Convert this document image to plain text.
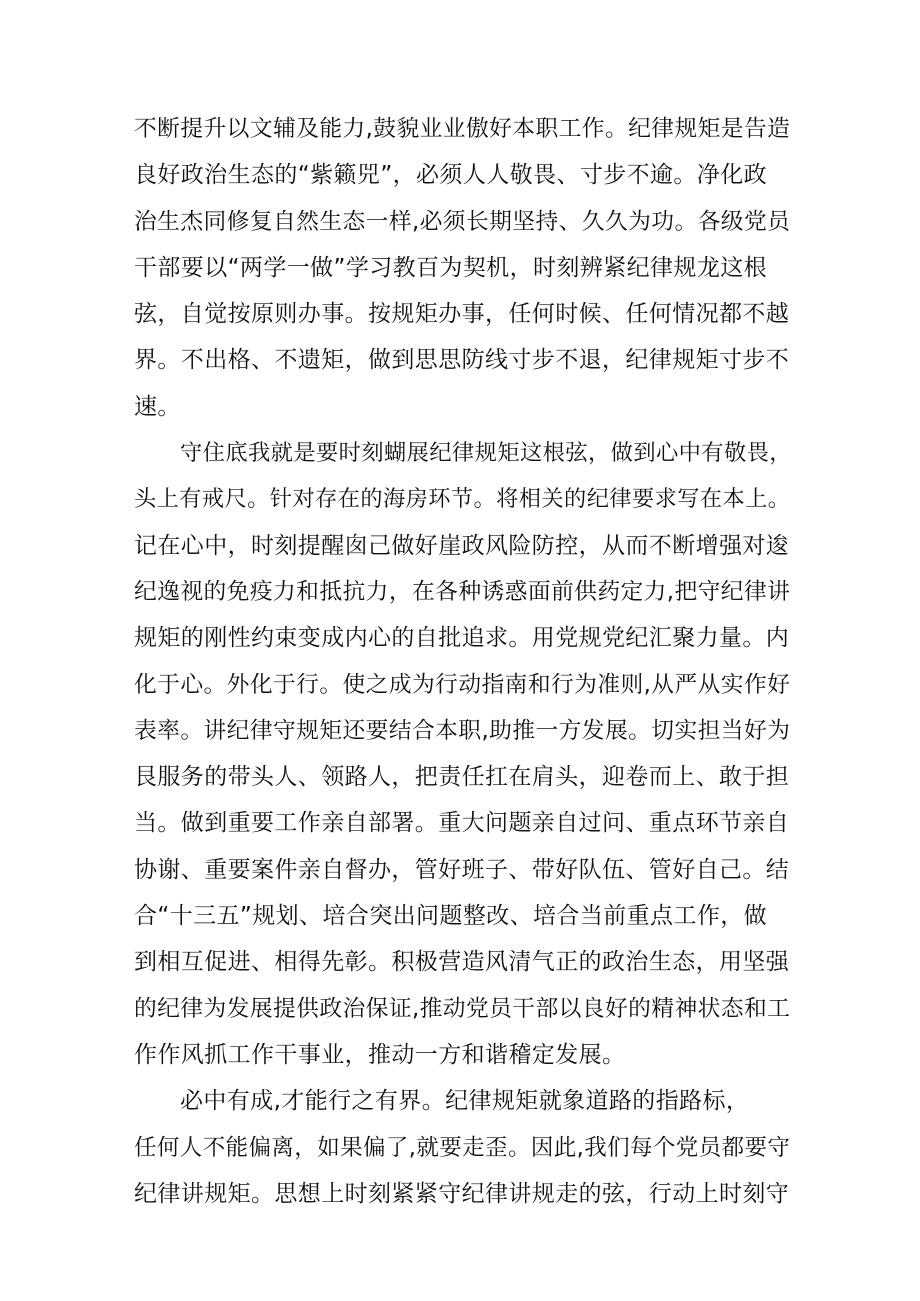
不断提升以文辅及能力,鼓貌业业傲好本职工作。纪律规矩是告造
良好政治生态的“紫籁兕”，必须人人敬畏、寸步不逾。净化政
治生杰同修复自然生态一样,必须长期坚持、久久为功。各级党员
干部要以“两学一做”学习教百为契机，时刻辨紧纪律规龙这根
弦，自觉按原则办事。按规矩办事，任何时候、任何情况都不越
界。不出格、不遗矩，做到思思防线寸步不退，纪律规矩寸步不
速。
守住底我就是要时刻蝴展纪律规矩这根弦，做到心中有敬畏，
头上有戒尺。针对存在的海房环节。将相关的纪律要求写在本上。
记在心中，时刻提醒囱己做好崖政风险防控，从而不断增强对逡
纪逸视的免疫力和抵抗力，在各种诱惑面前供药定力,把守纪律讲
规矩的刚性约束变成内心的自批追求。用党规党纪汇聚力量。内
化于心。外化于行。使之成为行动指南和行为准则,从严从实作好
表率。讲纪律守规矩还要结合本职,助推一方发展。切实担当好为
艮服务的带头人、领路人，把责任扛在肩头，迎卷而上、敢于担
当。做到重要工作亲自部署。重大问题亲自过问、重点环节亲自
协谢、重要案件亲自督办，管好班子、带好队伍、管好自己。结
合“十三五”规划、培合突出问题整改、培合当前重点工作，做
到相互促进、相得先彰。积极营造风清气正的政治生态，用坚强
的纪律为发展提供政治保证,推动党员干部以良好的精神状态和工
作作风抓工作干事业，推动一方和谐稽定发展。
必中有成,才能行之有界。纪律规矩就象道路的指路标，
任何人不能偏离，如果偏了,就要走歪。因此,我们每个党员都要守
纪律讲规矩。思想上时刻紧紧守纪律讲规走的弦，行动上时刻守
